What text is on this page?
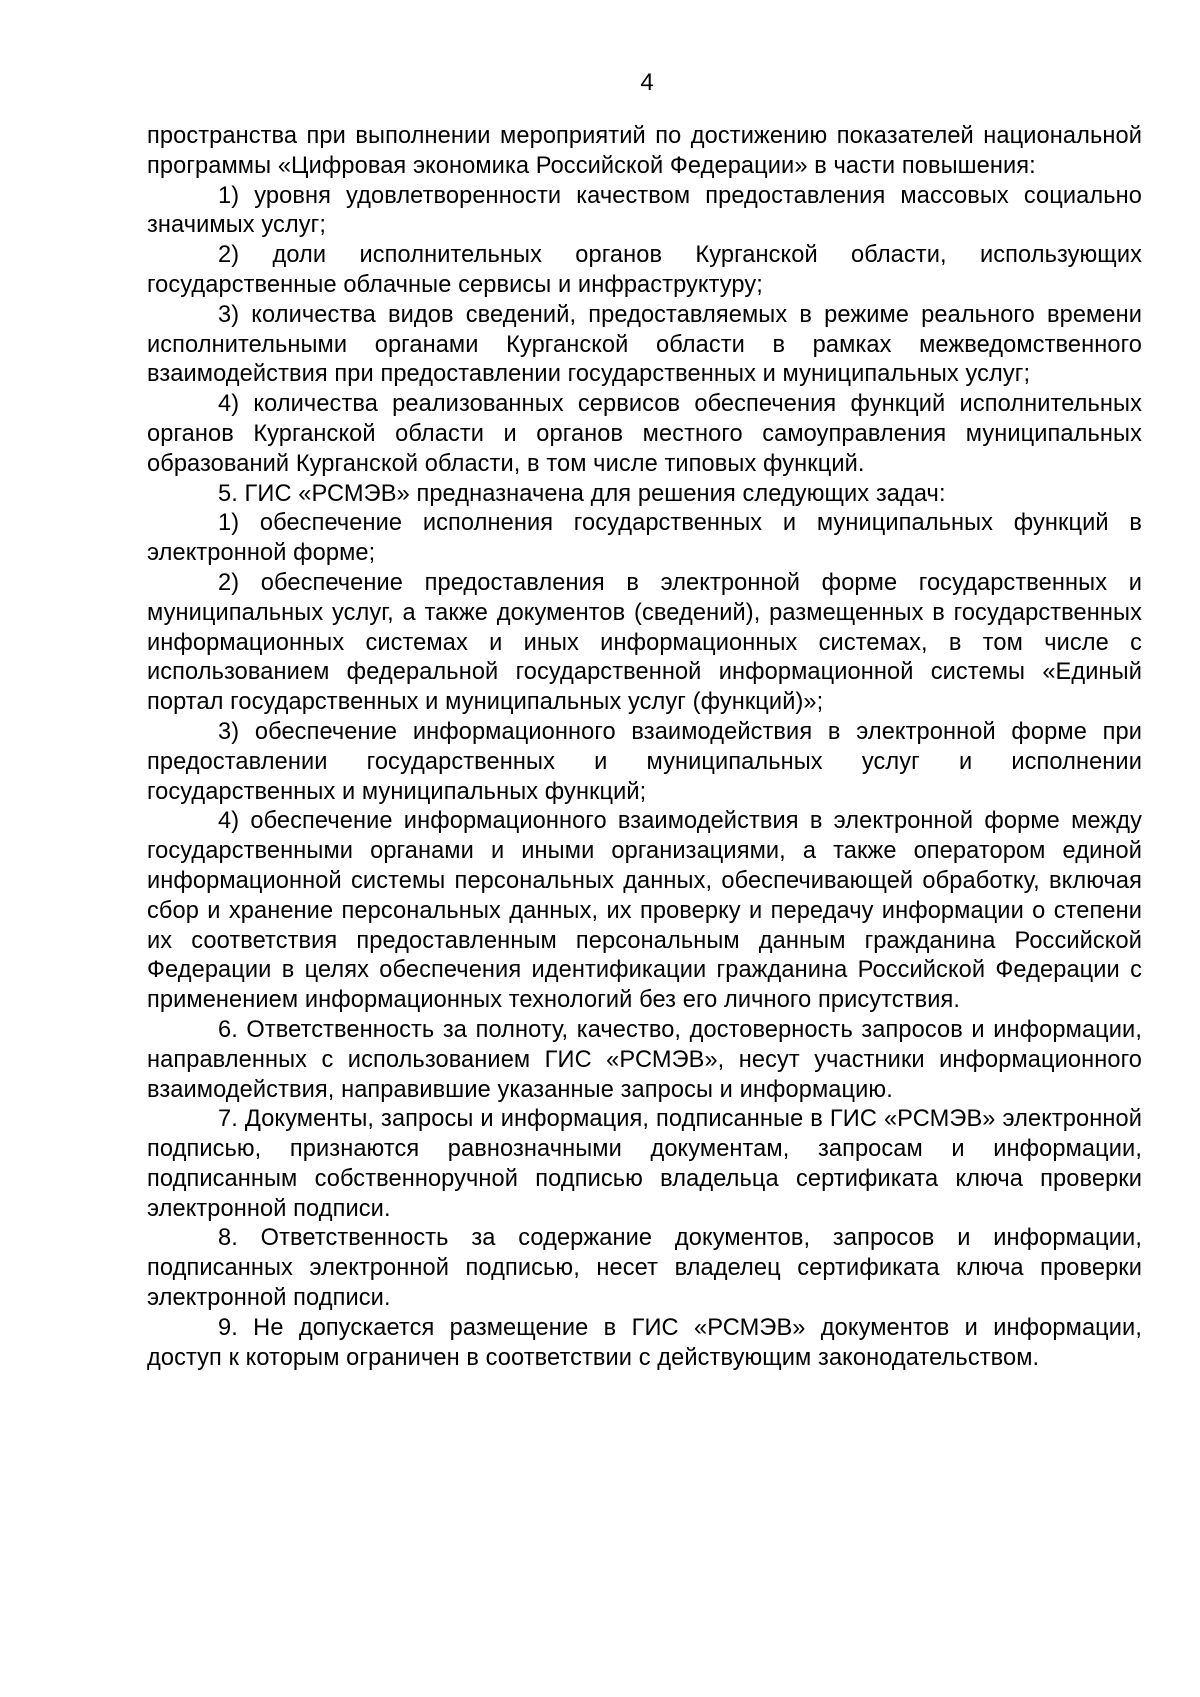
4

пространства при выполнении мероприятий по достижению показателей национальной программы «Цифровая экономика Российской Федерации» в части повышения:

1) уровня удовлетворенности качеством предоставления массовых социально значимых услуг;

2) доли исполнительных органов Курганской области, использующих государственные облачные сервисы и инфраструктуру;

3) количества видов сведений, предоставляемых в режиме реального времени исполнительными органами Курганской области в рамках межведомственного взаимодействия при предоставлении государственных и муниципальных услуг;

4) количества реализованных сервисов обеспечения функций исполнительных органов Курганской области и органов местного самоуправления муниципальных образований Курганской области, в том числе типовых функций.

5. ГИС «РСМЭВ» предназначена для решения следующих задач:

1) обеспечение исполнения государственных и муниципальных функций в электронной форме;

2) обеспечение предоставления в электронной форме государственных и муниципальных услуг, а также документов (сведений), размещенных в государственных информационных системах и иных информационных системах, в том числе с использованием федеральной государственной информационной системы «Единый портал государственных и муниципальных услуг (функций)»;

3) обеспечение информационного взаимодействия в электронной форме при предоставлении государственных и муниципальных услуг и исполнении государственных и муниципальных функций;

4) обеспечение информационного взаимодействия в электронной форме между государственными органами и иными организациями, а также оператором единой информационной системы персональных данных, обеспечивающей обработку, включая сбор и хранение персональных данных, их проверку и передачу информации о степени их соответствия предоставленным персональным данным гражданина Российской Федерации в целях обеспечения идентификации гражданина Российской Федерации с применением информационных технологий без его личного присутствия.

6. Ответственность за полноту, качество, достоверность запросов и информации, направленных с использованием ГИС «РСМЭВ», несут участники информационного взаимодействия, направившие указанные запросы и информацию.

7. Документы, запросы и информация, подписанные в ГИС «РСМЭВ» электронной подписью, признаются равнозначными документам, запросам и информации, подписанным собственноручной подписью владельца сертификата ключа проверки электронной подписи.

8. Ответственность за содержание документов, запросов и информации, подписанных электронной подписью, несет владелец сертификата ключа проверки электронной подписи.

9. Не допускается размещение в ГИС «РСМЭВ» документов и информации, доступ к которым ограничен в соответствии с действующим законодательством.
